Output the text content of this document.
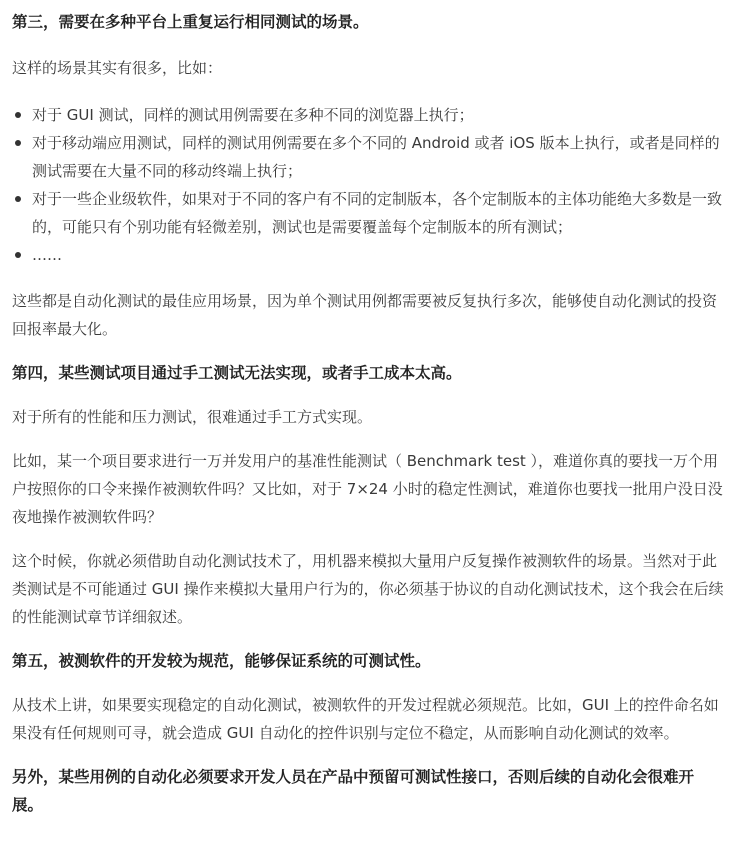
第三，需要在多种平台上重复运行相同测试的场景。

这样的场景其实有很多，比如：

对于 GUI 测试，同样的测试用例需要在多种不同的浏览器上执行；
对于移动端应用测试，同样的测试用例需要在多个不同的 Android 或者 iOS 版本上执行，或者是同样的测试需要在大量不同的移动终端上执行；
对于一些企业级软件，如果对于不同的客户有不同的定制版本，各个定制版本的主体功能绝大多数是一致的，可能只有个别功能有轻微差别，测试也是需要覆盖每个定制版本的所有测试；
……

这些都是自动化测试的最佳应用场景，因为单个测试用例都需要被反复执行多次，能够使自动化测试的投资回报率最大化。

第四，某些测试项目通过手工测试无法实现，或者手工成本太高。

对于所有的性能和压力测试，很难通过手工方式实现。

比如，某一个项目要求进行一万并发用户的基准性能测试（ Benchmark test ），难道你真的要找一万个用户按照你的口令来操作被测软件吗？又比如，对于 7×24 小时的稳定性测试，难道你也要找一批用户没日没夜地操作被测软件吗？

这个时候，你就必须借助自动化测试技术了，用机器来模拟大量用户反复操作被测软件的场景。当然对于此类测试是不可能通过 GUI 操作来模拟大量用户行为的，你必须基于协议的自动化测试技术，这个我会在后续的性能测试章节详细叙述。

第五，被测软件的开发较为规范，能够保证系统的可测试性。

从技术上讲，如果要实现稳定的自动化测试，被测软件的开发过程就必须规范。比如，GUI 上的控件命名如果没有任何规则可寻，就会造成 GUI 自动化的控件识别与定位不稳定，从而影响自动化测试的效率。

另外，某些用例的自动化必须要求开发人员在产品中预留可测试性接口，否则后续的自动化会很难开展。
